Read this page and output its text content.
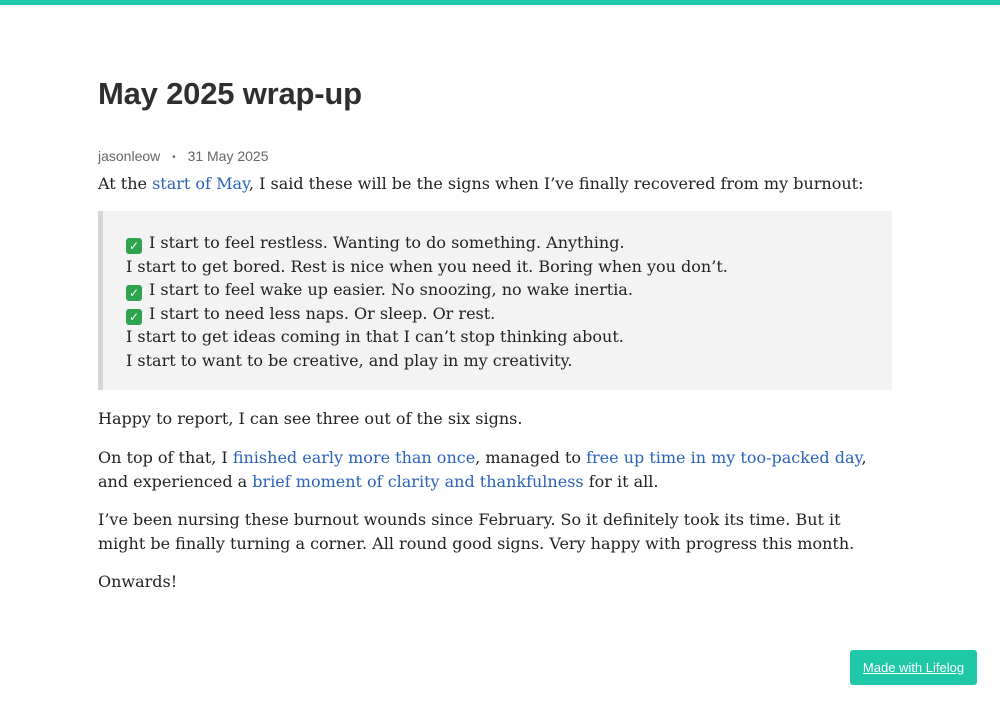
May 2025 wrap-up
jasonleow • 31 May 2025

At the start of May, I said these will be the signs when I’ve finally recovered from my burnout:

✓ I start to feel restless. Wanting to do something. Anything.
I start to get bored. Rest is nice when you need it. Boring when you don’t.
✓ I start to feel wake up easier. No snoozing, no wake inertia.
✓ I start to need less naps. Or sleep. Or rest.
I start to get ideas coming in that I can’t stop thinking about.
I start to want to be creative, and play in my creativity.

Happy to report, I can see three out of the six signs.

On top of that, I finished early more than once, managed to free up time in my too-packed day, and experienced a brief moment of clarity and thankfulness for it all.

I’ve been nursing these burnout wounds since February. So it definitely took its time. But it might be finally turning a corner. All round good signs. Very happy with progress this month.

Onwards!

Made with Lifelog
